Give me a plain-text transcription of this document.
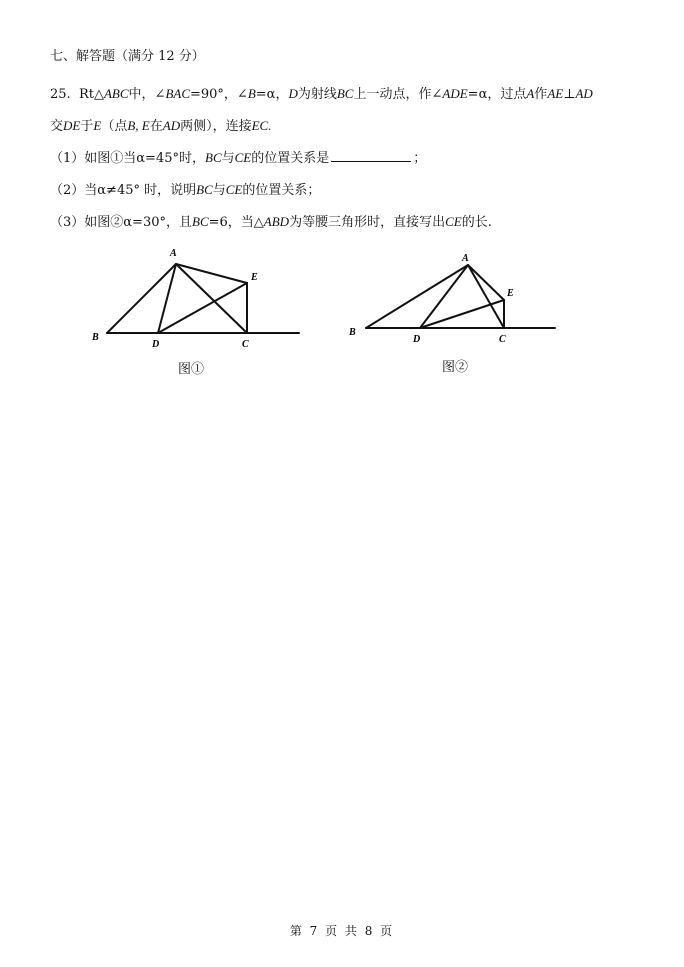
七、解答题（满分 12 分）
25. Rt△ABC中，∠BAC=90°，∠B=α，D为射线BC上一动点，作∠ADE=α，过点A作AE⊥AD
交DE于E（点B, E在AD两侧），连接EC.
（1）如图①当α=45°时，BC与CE的位置关系是	；
（2）当α≠45° 时，说明BC与CE的位置关系；
（3）如图②α=30°，且BC=6，当△ABD为等腰三角形时，直接写出CE的长.
A
E
B
D	C
图①
A
E
B
D	C
图②
第 7 页 共 8 页
